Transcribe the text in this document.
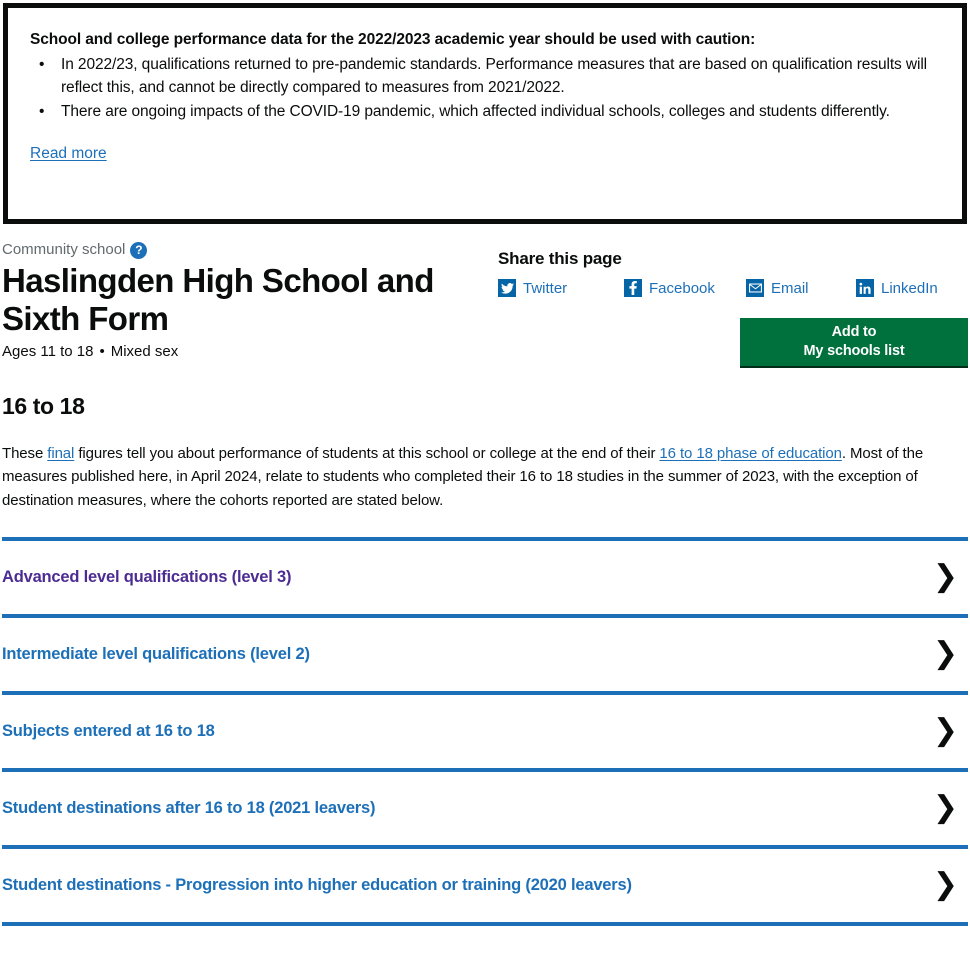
School and college performance data for the 2022/2023 academic year should be used with caution:

• In 2022/23, qualifications returned to pre-pandemic standards. Performance measures that are based on qualification results will reflect this, and cannot be directly compared to measures from 2021/2022.
• There are ongoing impacts of the COVID-19 pandemic, which affected individual schools, colleges and students differently.
Read more
Community school ?
Haslingden High School and Sixth Form
Ages 11 to 18 • Mixed sex
Share this page
Twitter	Facebook	Email	LinkedIn
Add to
My schools list
16 to 18

These final figures tell you about performance of students at this school or college at the end of their 16 to 18 phase of education. Most of the measures published here, in April 2024, relate to students who completed their 16 to 18 studies in the summer of 2023, with the exception of destination measures, where the cohorts reported are stated below.

Advanced level qualifications (level 3)	❯
Intermediate level qualifications (level 2)	❯
Subjects entered at 16 to 18	❯
Student destinations after 16 to 18 (2021 leavers)	❯
Student destinations - Progression into higher education or training (2020 leavers)	❯
